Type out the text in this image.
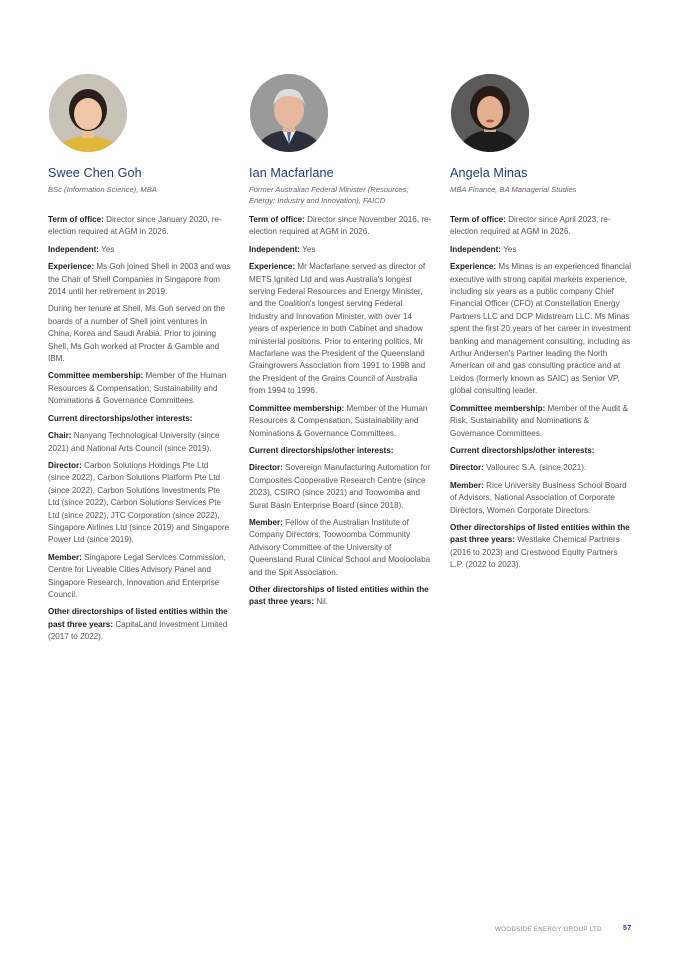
Swee Chen Goh
BSc (Information Science), MBA

Term of office: Director since January 2020, re-election required at AGM in 2026.

Independent: Yes

Experience: Ms Goh joined Shell in 2003 and was the Chair of Shell Companies in Singapore from 2014 until her retirement in 2019.

During her tenure at Shell, Ms Goh served on the boards of a number of Shell joint ventures in China, Korea and Saudi Arabia. Prior to joining Shell, Ms Goh worked at Procter & Gamble and IBM.

Committee membership: Member of the Human Resources & Compensation, Sustainability and Nominations & Governance Committees.

Current directorships/other interests:

Chair: Nanyang Technological University (since 2021) and National Arts Council (since 2019).

Director: Carbon Solutions Holdings Pte Ltd (since 2022), Carbon Solutions Platform Pte Ltd (since 2022), Carbon Solutions Investments Pte Ltd (since 2022), Carbon Solutions Services Pte Ltd (since 2022), JTC Corporation (since 2022), Singapore Airlines Ltd (since 2019) and Singapore Power Ltd (since 2019).

Member: Singapore Legal Services Commission, Centre for Liveable Cities Advisory Panel and Singapore Research, Innovation and Enterprise Council.

Other directorships of listed entities within the past three years: CapitaLand Investment Limited (2017 to 2022).

Ian Macfarlane
Former Australian Federal Minister (Resources; Energy; Industry and Innovation), FAICD

Term of office: Director since November 2016, re-election required at AGM in 2026.

Independent: Yes

Experience: Mr Macfarlane served as director of METS Ignited Ltd and was Australia's longest serving Federal Resources and Energy Minister, and the Coalition's longest serving Federal Industry and Innovation Minister, with over 14 years of experience in both Cabinet and shadow ministerial positions. Prior to entering politics, Mr Macfarlane was the President of the Queensland Graingrowers Association from 1991 to 1998 and the President of the Grains Council of Australia from 1994 to 1996.

Committee membership: Member of the Human Resources & Compensation, Sustainability and Nominations & Governance Committees.

Current directorships/other interests:

Director: Sovereign Manufacturing Automation for Composites Cooperative Research Centre (since 2023), CSIRO (since 2021) and Toowomba and Surat Basin Enterprise Board (since 2018).

Member: Fellow of the Australian Institute of Company Directors, Toowoomba Community Advisory Committee of the University of Queensland Rural Clinical School and Mooloolaba and the Spit Association.

Other directorships of listed entities within the past three years: Nil.

Angela Minas
MBA Finance, BA Managerial Studies

Term of office: Director since April 2023, re-election required at AGM in 2026.

Independent: Yes

Experience: Ms Minas is an experienced financial executive with strong capital markets experience, including six years as a public company Chief Financial Officer (CFO) at Constellation Energy Partners LLC and DCP Midstream LLC. Ms Minas spent the first 20 years of her career in investment banking and management consulting, including as Arthur Andersen's Partner leading the North American oil and gas consulting practice and at Leidos (formerly known as SAIC) as Senior VP, global consulting leader.

Committee membership: Member of the Audit & Risk, Sustainability and Nominations & Governance Committees.

Current directorships/other interests:

Director: Vallourec S.A. (since 2021).

Member: Rice University Business School Board of Advisors, National Association of Corporate Directors, Women Corporate Directors.

Other directorships of listed entities within the past three years: Westlake Chemical Partners (2016 to 2023) and Crestwood Equity Partners L.P. (2022 to 2023).

WOODSIDE ENERGY GROUP LTD	57
